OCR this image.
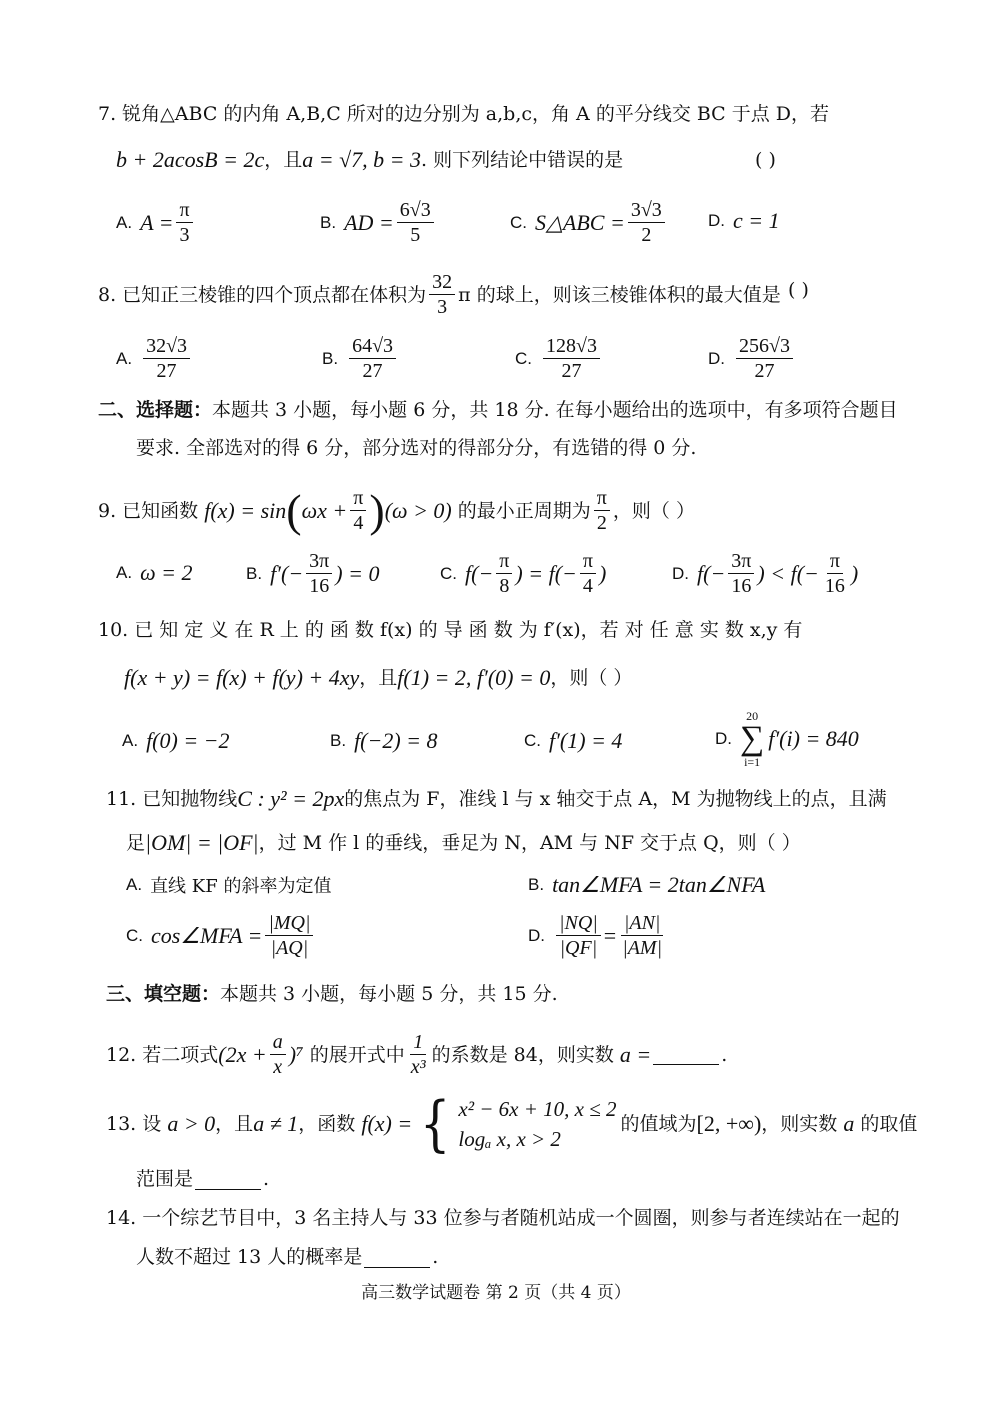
7. 锐角△ABC 的内角 A,B,C 所对的边分别为 a,b,c，角 A 的平分线交 BC 于点 D，若
b + 2acosB = 2c ，且 a = √7, b = 3 . 则下列结论中错误的是	( )
A. $A = \frac{\pi}{3}$	B. AD = $\frac{6√3}{5}$	C. S△ABC = $\frac{3√3}{2}$	D. c = 1
8. 已知正三棱锥的四个顶点都在体积为 $\frac{32}{3}$ π 的球上，则该三棱锥体积的最大值是 ( )
A. $\frac{32√3}{27}$	B. $\frac{64√3}{27}$	C. $\frac{128√3}{27}$	D. $\frac{256√3}{27}$
二、选择题：本题共 3 小题，每小题 6 分，共 18 分. 在每小题给出的选项中，有多项符合题目
要求. 全部选对的得 6 分，部分选对的得部分分，有选错的得 0 分.
9. 已知函数
f(x) = sin ( $\omega x + \frac{\pi}{4}$ ) (ω > 0)
的最小正周期为 $\frac{\pi}{2}$ ，则（ ）
A. ω = 2	B. $f'(- \frac{3\pi}{16}$ ) = 0	C. $f(- \frac{\pi}{8}$ ) = $f(- \frac{\pi}{4}$ )	D. $f(- \frac{3\pi}{16}$ ) < $f(- \frac{\pi}{16}$ )
10. 已 知 定 义 在 R 上 的 函 数 f(x) 的 导 函 数 为 f′(x)，若 对 任 意 实 数 x,y 有
f(x + y) = f(x) + f(y) + 4xy ，且 f(1) = 2, f′(0) = 0 ，则（ ）
A. f(0) = −2	B. f(−2) = 8	C. f′(1) = 4	D.
20
∑
i=1
f′(i) = 840
11. 已知抛物线 C : y² = 2px 的焦点为 F，准线 l 与 x 轴交于点 A，M 为抛物线上的点，且满
足 |OM| = |OF| ，过 M 作 l 的垂线，垂足为 N，AM 与 NF 交于点 Q，则（ ）
A. 直线 KF 的斜率为定值	B. tan∠MFA = 2tan∠NFA
C. cos∠MFA = $\frac{|MQ|}{|AQ|}$	D. $\frac{|NQ|}{|QF|} = \frac{|AN|}{|AM|}$
三、填空题：本题共 3 小题，每小题 5 分，共 15 分.
12. 若二项式 $(2x + \frac{a}{x} )^7$
的展开式中 $\frac{1}{\text{x³}}$ 的系数是 84，则实数
a =	.
13. 设
a > 0 ，且 a ≠ 1 ，函数
f(x) = { x² − 6x + 10, x ≤ 2
logₐ x, x > 2
的值域为 [2, +∞) ，则实数
a
的取值
范围是	.
14. 一个综艺节目中，3 名主持人与 33 位参与者随机站成一个圆圈，则参与者连续站在一起的
人数不超过 13 人的概率是	.
高三数学试题卷 第 2 页（共 4 页）
